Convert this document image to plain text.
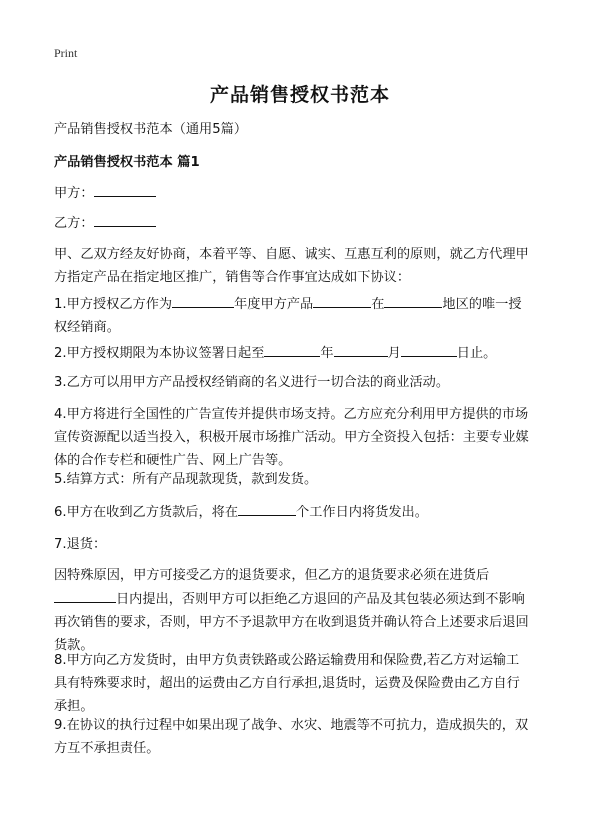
Print
产品销售授权书范本
产品销售授权书范本（通用5篇）
产品销售授权书范本 篇1
甲方：
乙方：
甲、乙双方经友好协商，本着平等、自愿、诚实、互惠互利的原则，就乙方代理甲
方指定产品在指定地区推广，销售等合作事宜达成如下协议：
1.甲方授权乙方作为	年度甲方产品	在	地区的唯一授
权经销商。
2.甲方授权期限为本协议签署日起至	年	月	日止。
3.乙方可以用甲方产品授权经销商的名义进行一切合法的商业活动。
4.甲方将进行全国性的广告宣传并提供市场支持。乙方应充分利用甲方提供的市场
宣传资源配以适当投入，积极开展市场推广活动。甲方全资投入包括：主要专业媒
体的合作专栏和硬性广告、网上广告等。
5.结算方式：所有产品现款现货，款到发货。
6.甲方在收到乙方货款后，将在	个工作日内将货发出。
7.退货：
因特殊原因，甲方可接受乙方的退货要求，但乙方的退货要求必须在进货后
日内提出，否则甲方可以拒绝乙方退回的产品及其包装必须达到不影响
再次销售的要求，否则，甲方不予退款甲方在收到退货并确认符合上述要求后退回
货款。
8.甲方向乙方发货时，由甲方负责铁路或公路运输费用和保险费,若乙方对运输工
具有特殊要求时，超出的运费由乙方自行承担,退货时，运费及保险费由乙方自行
承担。
9.在协议的执行过程中如果出现了战争、水灾、地震等不可抗力，造成损失的，双
方互不承担责任。
